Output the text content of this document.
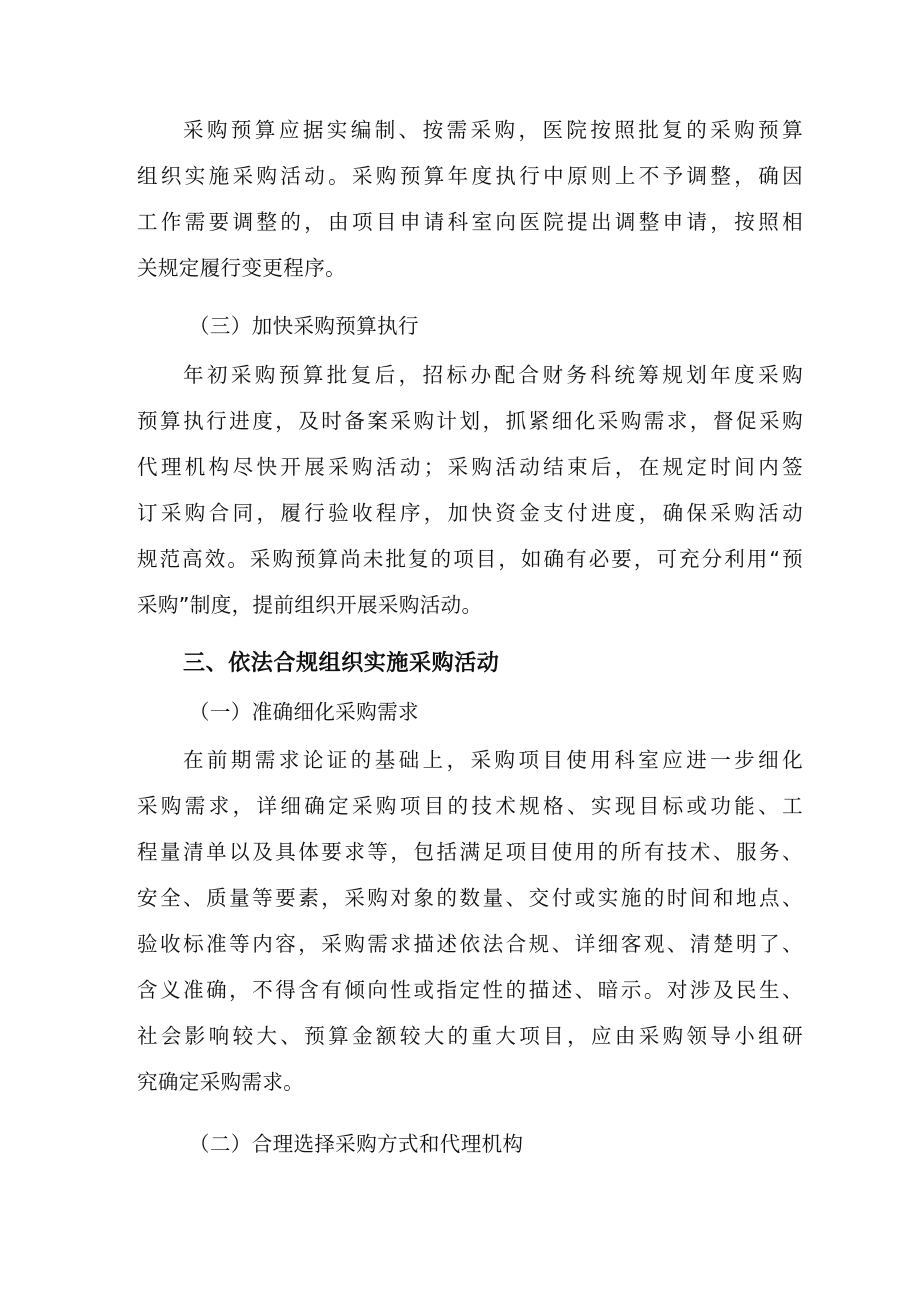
采购预算应据实编制、按需采购，医院按照批复的采购预算
组织实施采购活动。采购预算年度执行中原则上不予调整，确因
工作需要调整的，由项目申请科室向医院提出调整申请，按照相
关规定履行变更程序。
（三）加快采购预算执行
年初采购预算批复后，招标办配合财务科统筹规划年度采购
预算执行进度，及时备案采购计划，抓紧细化采购需求，督促采购
代理机构尽快开展采购活动；采购活动结束后，在规定时间内签
订采购合同，履行验收程序，加快资金支付进度，确保采购活动
规范高效。采购预算尚未批复的项目，如确有必要，可充分利用“预
采购”制度，提前组织开展采购活动。
三、依法合规组织实施采购活动
（一）准确细化采购需求
在前期需求论证的基础上，采购项目使用科室应进一步细化
采购需求，详细确定采购项目的技术规格、实现目标或功能、工
程量清单以及具体要求等，包括满足项目使用的所有技术、服务、
安全、质量等要素，采购对象的数量、交付或实施的时间和地点、
验收标准等内容，采购需求描述依法合规、详细客观、清楚明了、
含义准确，不得含有倾向性或指定性的描述、暗示。对涉及民生、
社会影响较大、预算金额较大的重大项目，应由采购领导小组研
究确定采购需求。
（二）合理选择采购方式和代理机构
